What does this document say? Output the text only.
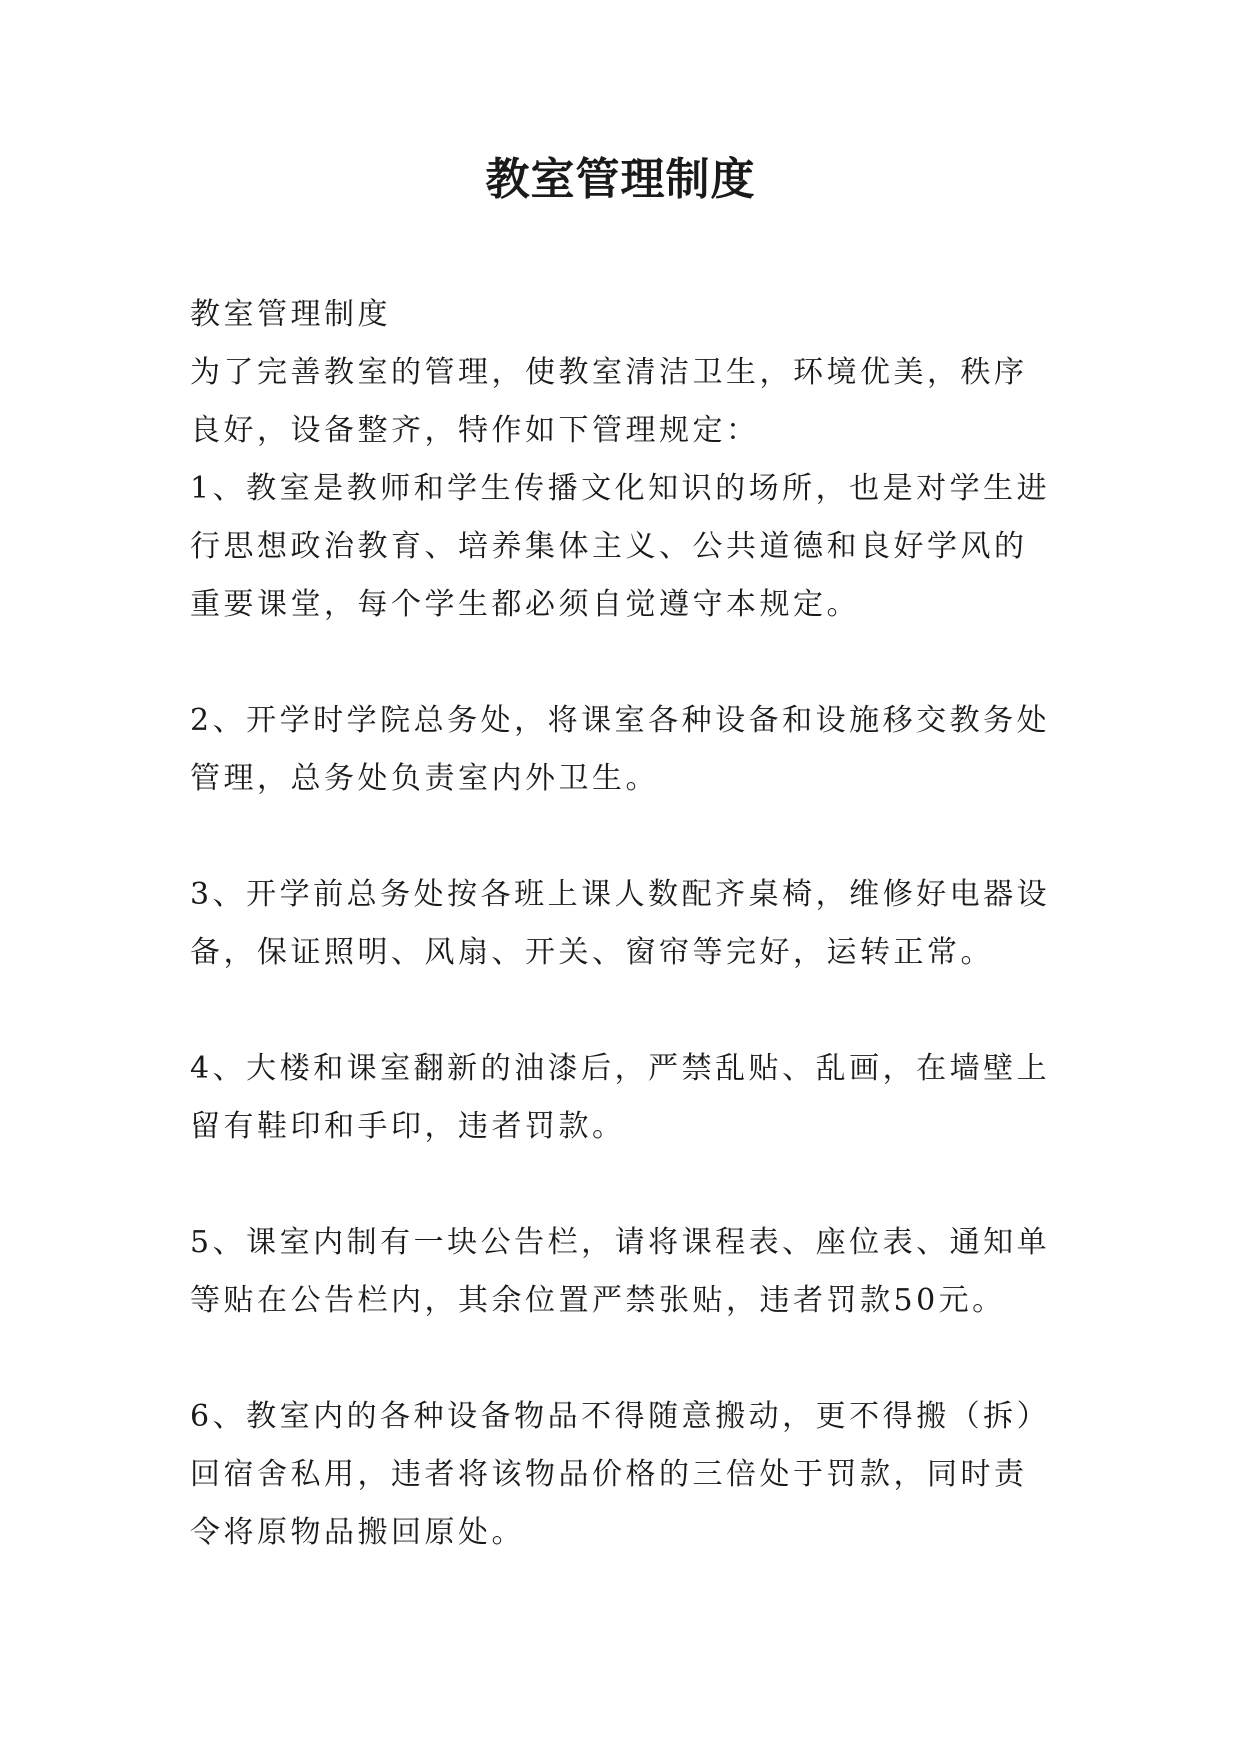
教室管理制度

教室管理制度

为了完善教室的管理，使教室清洁卫生，环境优美，秩序良好，设备整齐，特作如下管理规定：

1、教室是教师和学生传播文化知识的场所，也是对学生进行思想政治教育、培养集体主义、公共道德和良好学风的重要课堂，每个学生都必须自觉遵守本规定。

2、开学时学院总务处，将课室各种设备和设施移交教务处管理，总务处负责室内外卫生。

3、开学前总务处按各班上课人数配齐桌椅，维修好电器设备，保证照明、风扇、开关、窗帘等完好，运转正常。

4、大楼和课室翻新的油漆后，严禁乱贴、乱画，在墙壁上留有鞋印和手印，违者罚款。

5、课室内制有一块公告栏，请将课程表、座位表、通知单等贴在公告栏内，其余位置严禁张贴，违者罚款50元。

6、教室内的各种设备物品不得随意搬动，更不得搬（拆）回宿舍私用，违者将该物品价格的三倍处于罚款，同时责令将原物品搬回原处。
